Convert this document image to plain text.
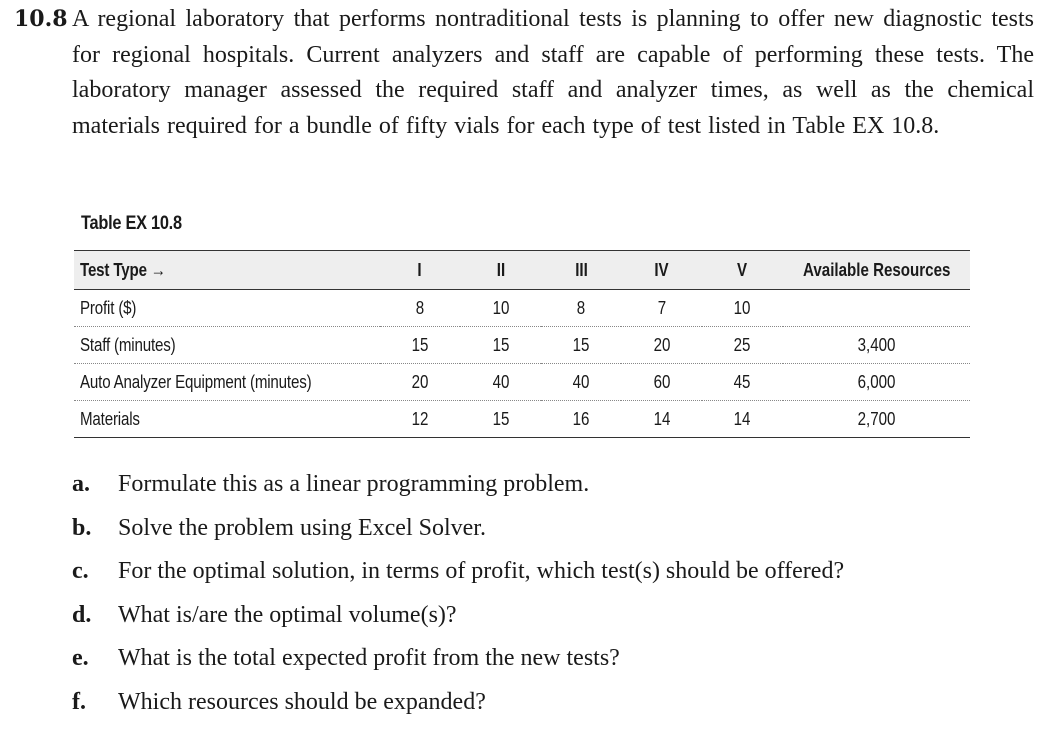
10.8 A regional laboratory that performs nontraditional tests is planning to offer new diagnostic tests for regional hospitals. Current analyzers and staff are capable of performing these tests. The laboratory manager assessed the required staff and analyzer times, as well as the chemical materials required for a bundle of fifty vials for each type of test listed in Table EX 10.8.
Table EX 10.8
Test Type →	I	II	III	IV	V	Available Resources
Profit ($)	8	10	8	7	10	
Staff (minutes)	15	15	15	20	25	3,400
Auto Analyzer Equipment (minutes)	20	40	40	60	45	6,000
Materials	12	15	16	14	14	2,700
a.	Formulate this as a linear programming problem.
b.	Solve the problem using Excel Solver.
c.	For the optimal solution, in terms of profit, which test(s) should be offered?
d.	What is/are the optimal volume(s)?
e.	What is the total expected profit from the new tests?
f.	Which resources should be expanded?
